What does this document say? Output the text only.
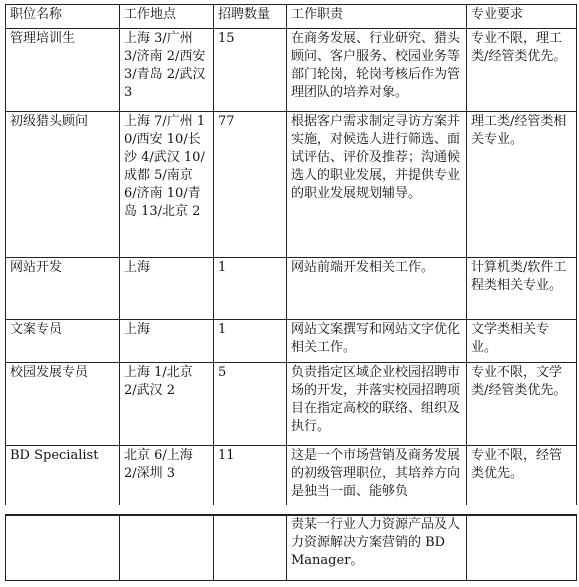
职位名称	工作地点	招聘数量	工作职责	专业要求
管理培训生	上海 3/广州 3/济南 2/西安 3/青岛 2/武汉 3	15	在商务发展、行业研究、猎头顾问、客户服务、校园业务等部门轮岗，轮岗考核后作为管理团队的培养对象。	专业不限，理工类/经管类优先。
初级猎头顾问	上海 7/广州 10/西安 10/长沙 4/武汉 10/成都 5/南京 6/济南 10/青岛 13/北京 2	77	根据客户需求制定寻访方案并实施，对候选人进行筛选、面试评估、评价及推荐；沟通候选人的职业发展，并提供专业的职业发展规划辅导。	理工类/经管类相关专业。
网站开发	上海	1	网站前端开发相关工作。	计算机类/软件工程类相关专业。
文案专员	上海	1	网站文案撰写和网站文字优化相关工作。	文学类相关专业。
校园发展专员	上海 1/北京 2/武汉 2	5	负责指定区域企业校园招聘市场的开发，并落实校园招聘项目在指定高校的联络、组织及执行。	专业不限，文学类/经管类优先。
BD Specialist	北京 6/上海 2/深圳 3	11	这是一个市场营销及商务发展的初级管理职位，其培养方向是独当一面、能够负	专业不限，经管类优先。
			责某一行业人力资源产品及人力资源解决方案营销的 BD Manager。	
